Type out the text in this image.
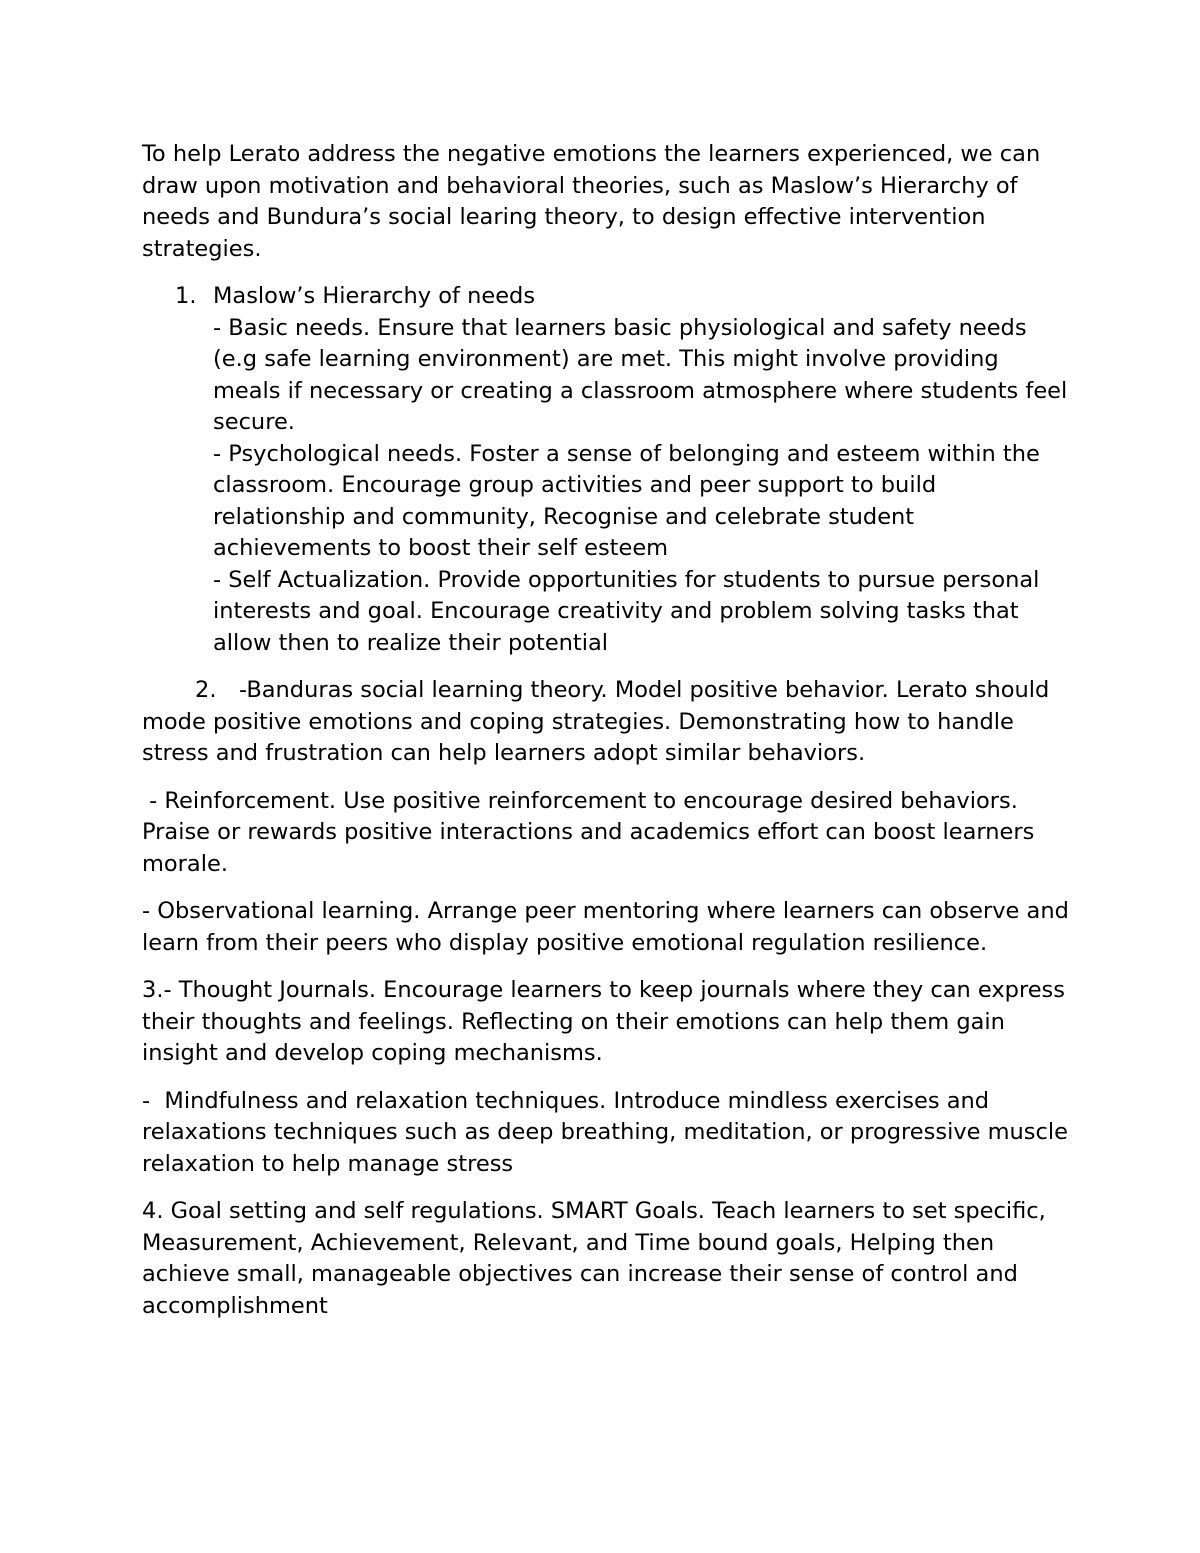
To help Lerato address the negative emotions the learners experienced, we can draw upon motivation and behavioral theories, such as Maslow’s Hierarchy of needs and Bundura’s social learing theory, to design effective intervention strategies.

1. Maslow’s Hierarchy of needs

- Basic needs. Ensure that learners basic physiological and safety needs (e.g safe learning environment) are met. This might involve providing meals if necessary or creating a classroom atmosphere where students feel secure.

- Psychological needs. Foster a sense of belonging and esteem within the classroom. Encourage group activities and peer support to build relationship and community, Recognise and celebrate student achievements to boost their self esteem

- Self Actualization. Provide opportunities for students to pursue personal interests and goal. Encourage creativity and problem solving tasks that allow then to realize their potential

2. -Banduras social learning theory. Model positive behavior. Lerato should mode positive emotions and coping strategies. Demonstrating how to handle stress and frustration can help learners adopt similar behaviors.

- Reinforcement. Use positive reinforcement to encourage desired behaviors. Praise or rewards positive interactions and academics effort can boost learners morale.

- Observational learning. Arrange peer mentoring where learners can observe and learn from their peers who display positive emotional regulation resilience.

3.- Thought Journals. Encourage learners to keep journals where they can express their thoughts and feelings. Reflecting on their emotions can help them gain insight and develop coping mechanisms.

-  Mindfulness and relaxation techniques. Introduce mindless exercises and relaxations techniques such as deep breathing, meditation, or progressive muscle relaxation to help manage stress

4. Goal setting and self regulations. SMART Goals. Teach learners to set specific, Measurement, Achievement, Relevant, and Time bound goals, Helping then achieve small, manageable objectives can increase their sense of control and accomplishment
